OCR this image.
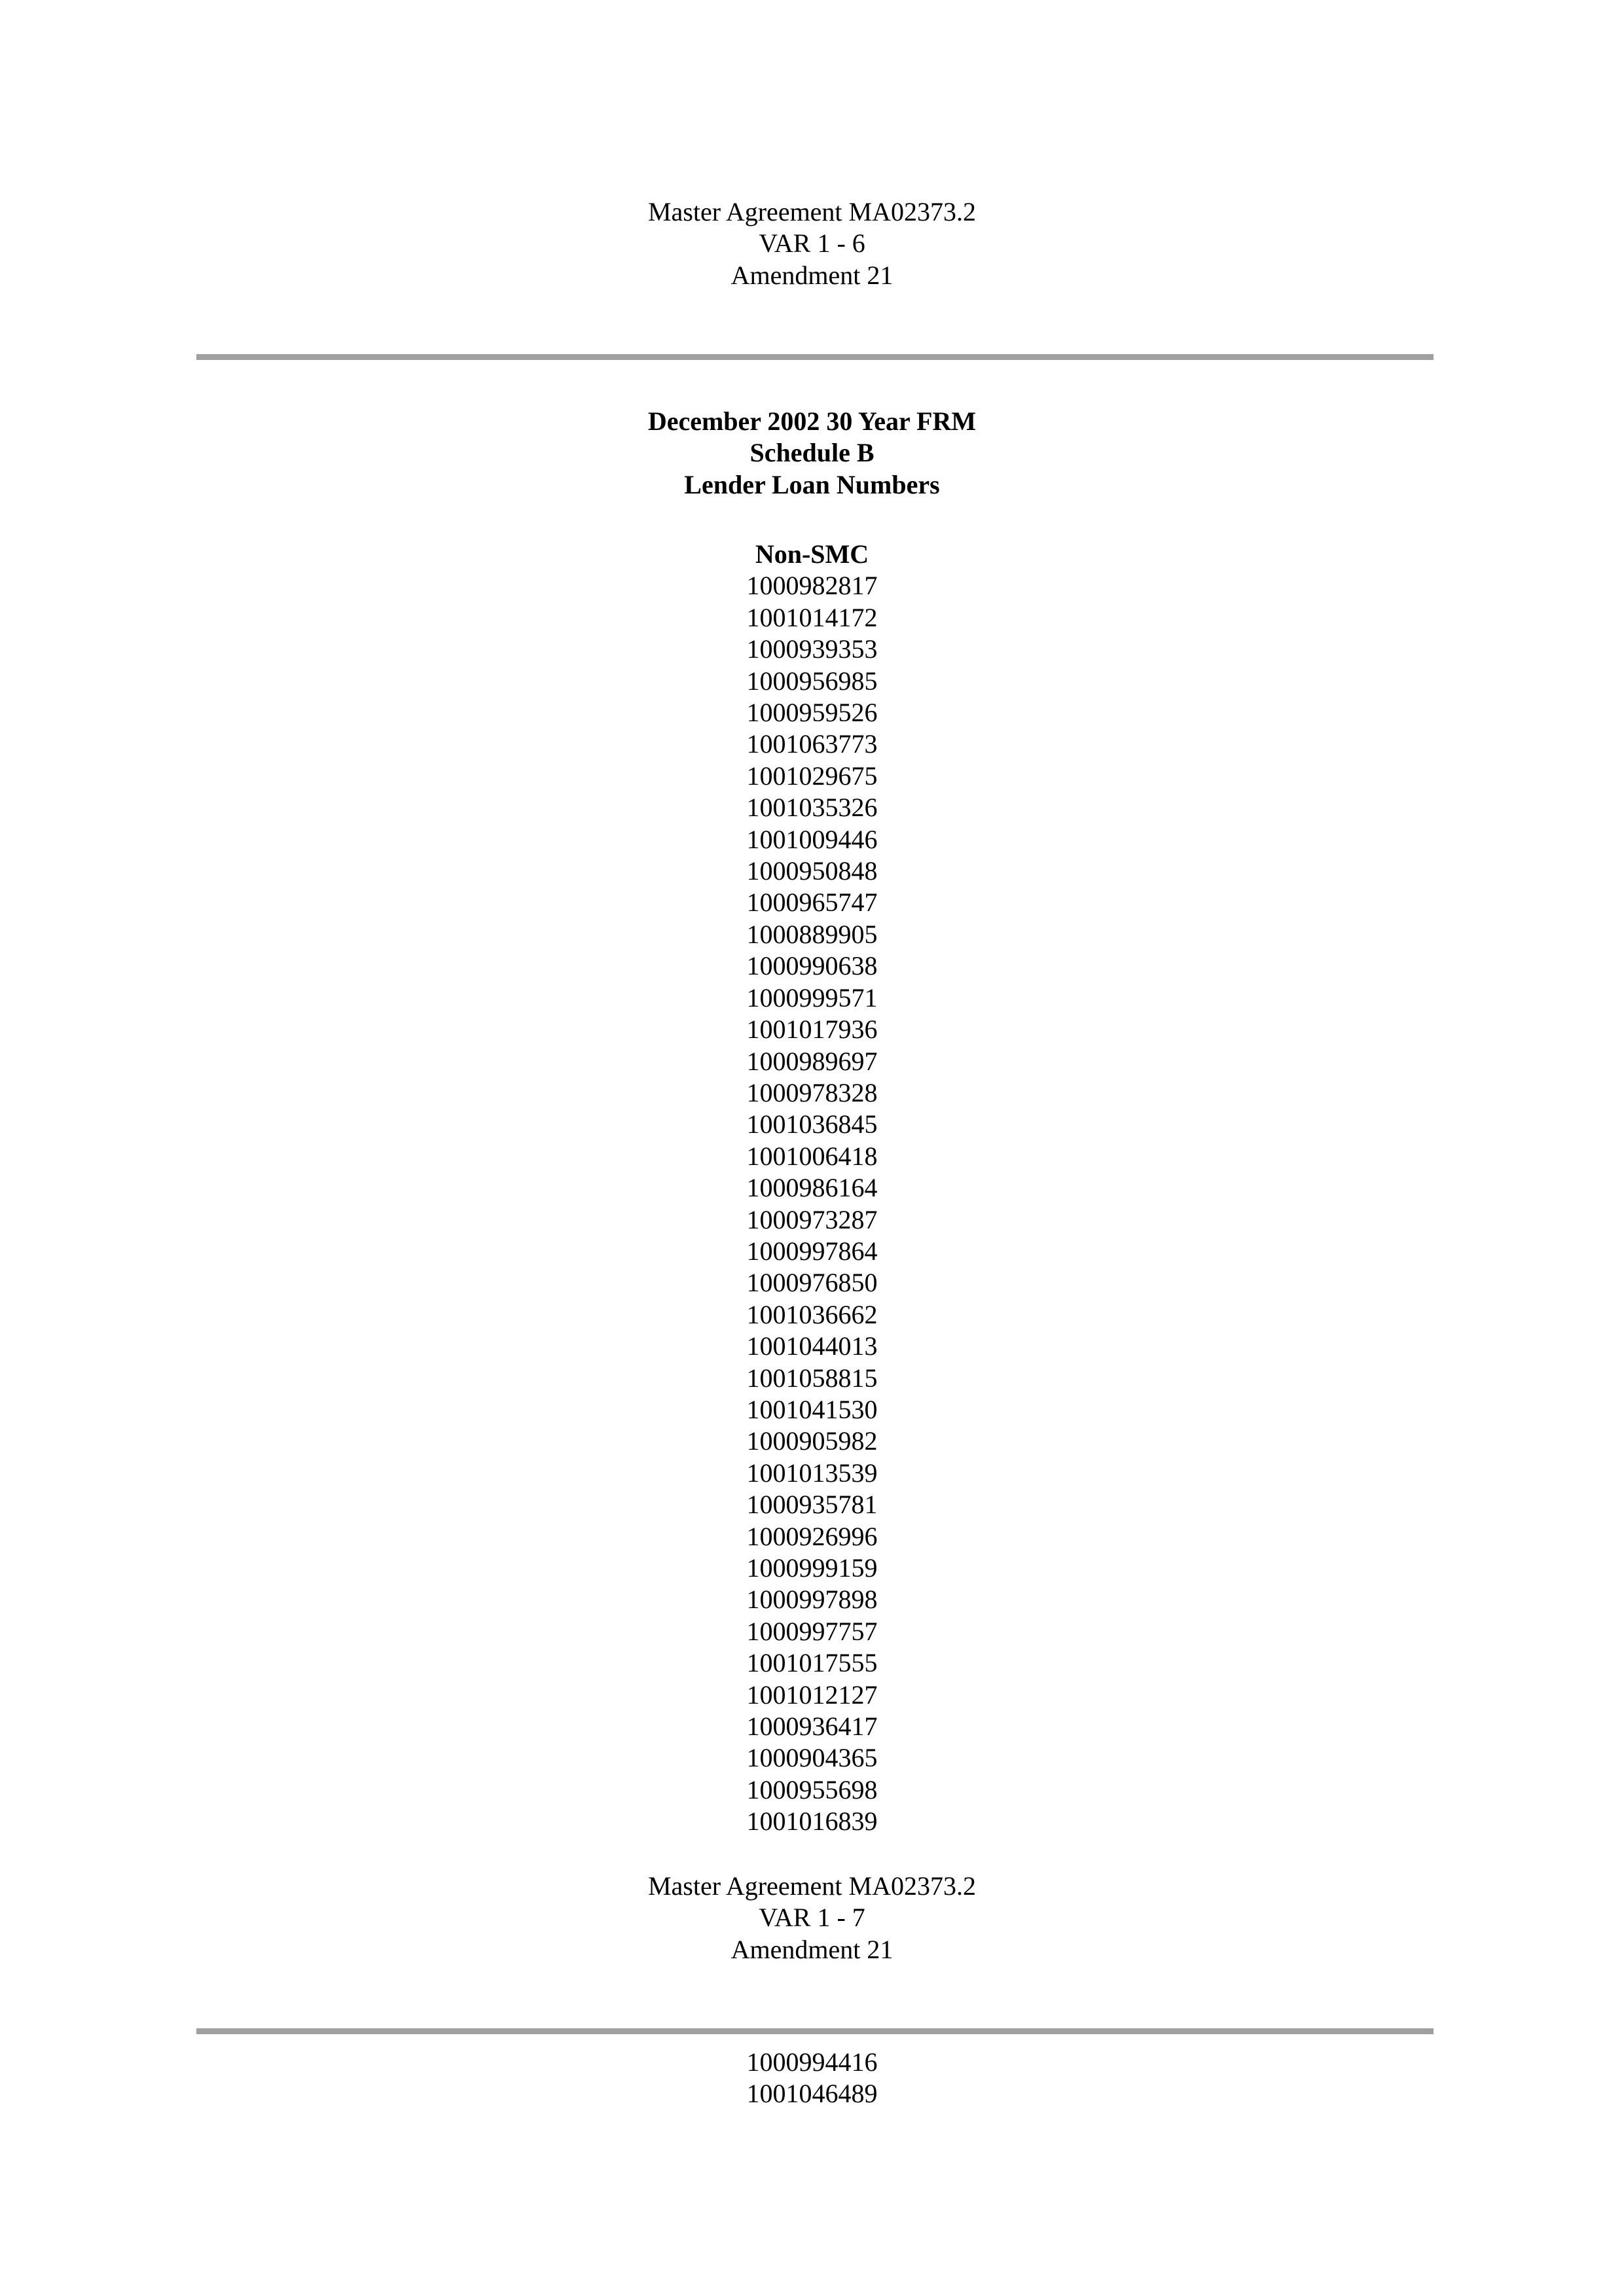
Master Agreement MA02373.2
VAR 1 - 6
Amendment 21
December 2002 30 Year FRM
Schedule B
Lender Loan Numbers
Non-SMC
1000982817
1001014172
1000939353
1000956985
1000959526
1001063773
1001029675
1001035326
1001009446
1000950848
1000965747
1000889905
1000990638
1000999571
1001017936
1000989697
1000978328
1001036845
1001006418
1000986164
1000973287
1000997864
1000976850
1001036662
1001044013
1001058815
1001041530
1000905982
1001013539
1000935781
1000926996
1000999159
1000997898
1000997757
1001017555
1001012127
1000936417
1000904365
1000955698
1001016839
Master Agreement MA02373.2
VAR 1 - 7
Amendment 21
1000994416
1001046489
